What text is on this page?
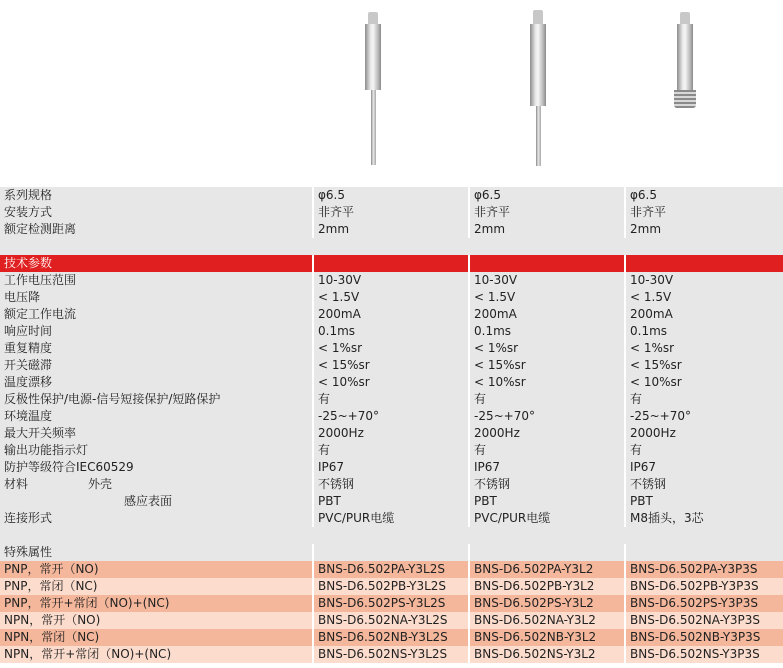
系列规格	φ6.5	φ6.5	φ6.5
安装方式	非齐平	非齐平	非齐平
额定检测距离	2mm	2mm	2mm

技术参数			
工作电压范围	10-30V	10-30V	10-30V
电压降	< 1.5V	< 1.5V	< 1.5V
额定工作电流	200mA	200mA	200mA
响应时间	0.1ms	0.1ms	0.1ms
重复精度	< 1%sr	< 1%sr	< 1%sr
开关磁滞	< 15%sr	< 15%sr	< 15%sr
温度漂移	< 10%sr	< 10%sr	< 10%sr
反极性保护/电源-信号短接保护/短路保护	有	有	有
环境温度	-25~+70°	-25~+70°	-25~+70°
最大开关频率	2000Hz	2000Hz	2000Hz
输出功能指示灯	有	有	有
防护等级符合IEC60529	IP67	IP67	IP67
材料 外壳	不锈钢	不锈钢	不锈钢
感应表面	PBT	PBT	PBT
连接形式	PVC/PUR电缆	PVC/PUR电缆	M8插头，3芯

特殊属性			
PNP，常开（NO)	BNS-D6.502PA-Y3L2S	BNS-D6.502PA-Y3L2	BNS-D6.502PA-Y3P3S
PNP，常闭（NC)	BNS-D6.502PB-Y3L2S	BNS-D6.502PB-Y3L2	BNS-D6.502PB-Y3P3S
PNP，常开+常闭（NO)+(NC)	BNS-D6.502PS-Y3L2S	BNS-D6.502PS-Y3L2	BNS-D6.502PS-Y3P3S
NPN，常开（NO)	BNS-D6.502NA-Y3L2S	BNS-D6.502NA-Y3L2	BNS-D6.502NA-Y3P3S
NPN，常闭（NC)	BNS-D6.502NB-Y3L2S	BNS-D6.502NB-Y3L2	BNS-D6.502NB-Y3P3S
NPN，常开+常闭（NO)+(NC)	BNS-D6.502NS-Y3L2S	BNS-D6.502NS-Y3L2	BNS-D6.502NS-Y3P3S
